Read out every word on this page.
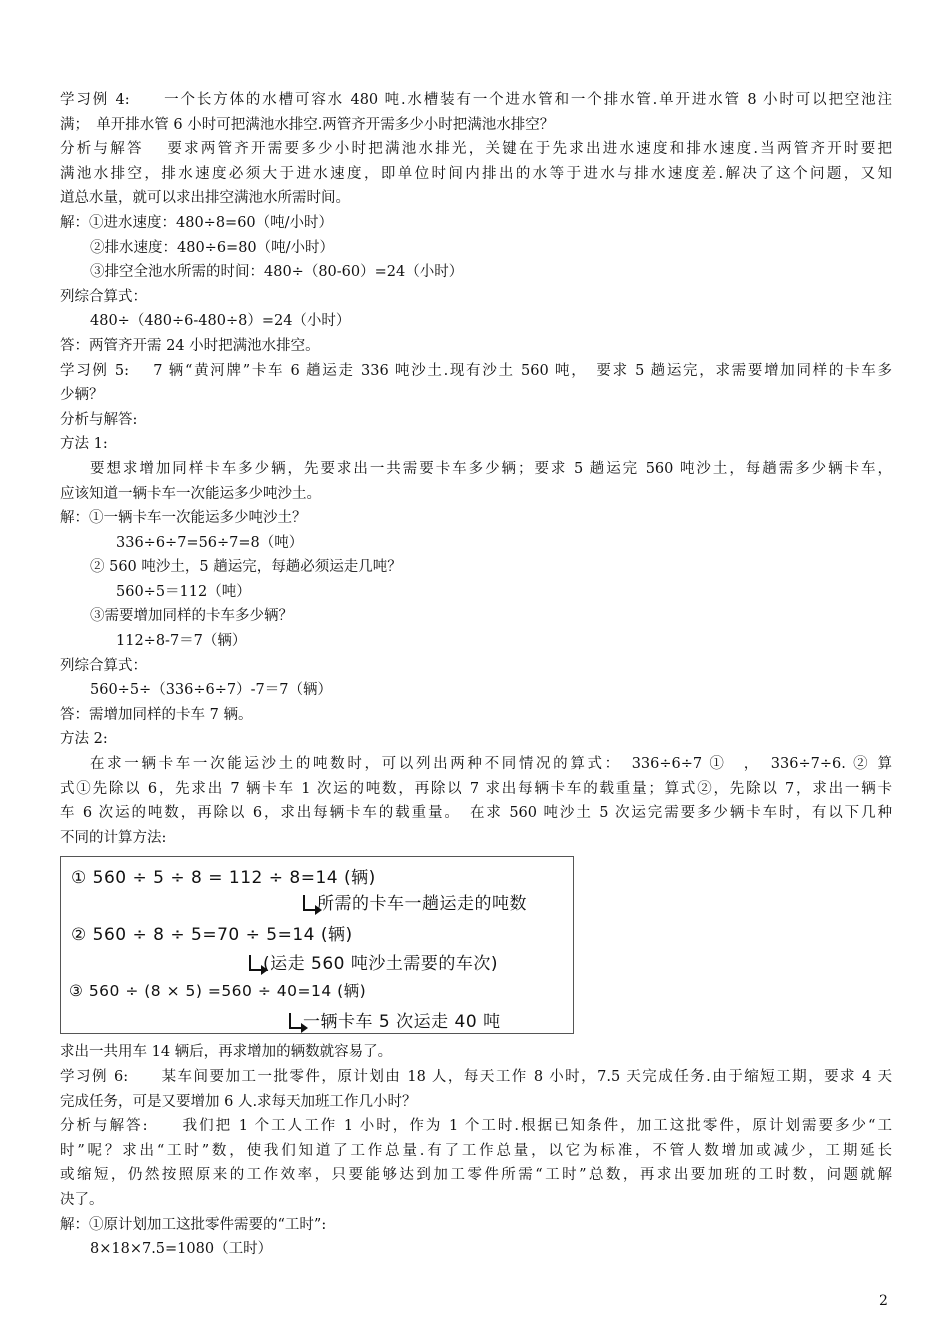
学习例 4:　　一个长方体的水槽可容水 480 吨.水槽装有一个进水管和一个排水管.单开进水管 8 小时可以把空池注
满；　单开排水管 6 小时可把满池水排空.两管齐开需多少小时把满池水排空？
分析与解答　 要求两管齐开需要多少小时把满池水排光，关键在于先求出进水速度和排水速度.当两管齐开时要把
满池水排空，排水速度必须大于进水速度，即单位时间内排出的水等于进水与排水速度差.解决了这个问题，又知
道总水量，就可以求出排空满池水所需时间。
解：①进水速度：480÷8=60（吨/小时）
②排水速度：480÷6=80（吨/小时）
③排空全池水所需的时间：480÷（80-60）=24（小时）
列综合算式：
480÷（480÷6-480÷8）=24（小时）
答：两管齐开需 24 小时把满池水排空。
学习例 5:　 7 辆“黄河牌”卡车 6 趟运走 336 吨沙土.现有沙土 560 吨，　要求 5 趟运完，求需要增加同样的卡车多
少辆？
分析与解答:
方法 1:
要想求增加同样卡车多少辆，先要求出一共需要卡车多少辆；要求 5 趟运完 560 吨沙土，每趟需多少辆卡车，
应该知道一辆卡车一次能运多少吨沙土。
解：①一辆卡车一次能运多少吨沙土？
336÷6÷7=56÷7=8（吨）
② 560 吨沙土，5 趟运完，每趟必须运走几吨？
560÷5＝112（吨）
③需要增加同样的卡车多少辆？
112÷8-7＝7（辆）
列综合算式：
560÷5÷（336÷6÷7）-7＝7（辆）
答：需增加同样的卡车 7 辆。
方法 2:
在求一辆卡车一次能运沙土的吨数时，可以列出两种不同情况的算式：　336÷6÷7 ①　，　336÷7÷6. ② 算
式①先除以 6，先求出 7 辆卡车 1 次运的吨数，再除以 7 求出每辆卡车的载重量；算式②，先除以 7，求出一辆卡
车 6 次运的吨数，再除以 6，求出每辆卡车的载重量。　在求 560 吨沙土 5 次运完需要多少辆卡车时，有以下几种
不同的计算方法:
① 560 ÷ 5 ÷ 8 = 112 ÷ 8=14 (辆)
所需的卡车一趟运走的吨数
② 560 ÷ 8 ÷ 5=70 ÷ 5=14 (辆)
(运走 560 吨沙土需要的车次)
③ 560 ÷ (8 × 5) =560 ÷ 40=14 (辆)
一辆卡车 5 次运走 40 吨
求出一共用车 14 辆后，再求增加的辆数就容易了。
学习例 6:　　某车间要加工一批零件，原计划由 18 人，每天工作 8 小时，7.5 天完成任务.由于缩短工期，要求 4 天
完成任务，可是又要增加 6 人.求每天加班工作几小时？
分析与解答:　　我们把 1 个工人工作 1 小时，作为 1 个工时.根据已知条件，加工这批零件，原计划需要多少“工
时”呢？求出“工时”数，使我们知道了工作总量.有了工作总量，以它为标准，不管人数增加或减少，工期延长
或缩短，仍然按照原来的工作效率，只要能够达到加工零件所需“工时”总数，再求出要加班的工时数，问题就解
决了。
解：①原计划加工这批零件需要的“工时”:
8×18×7.5=1080（工时）
2
